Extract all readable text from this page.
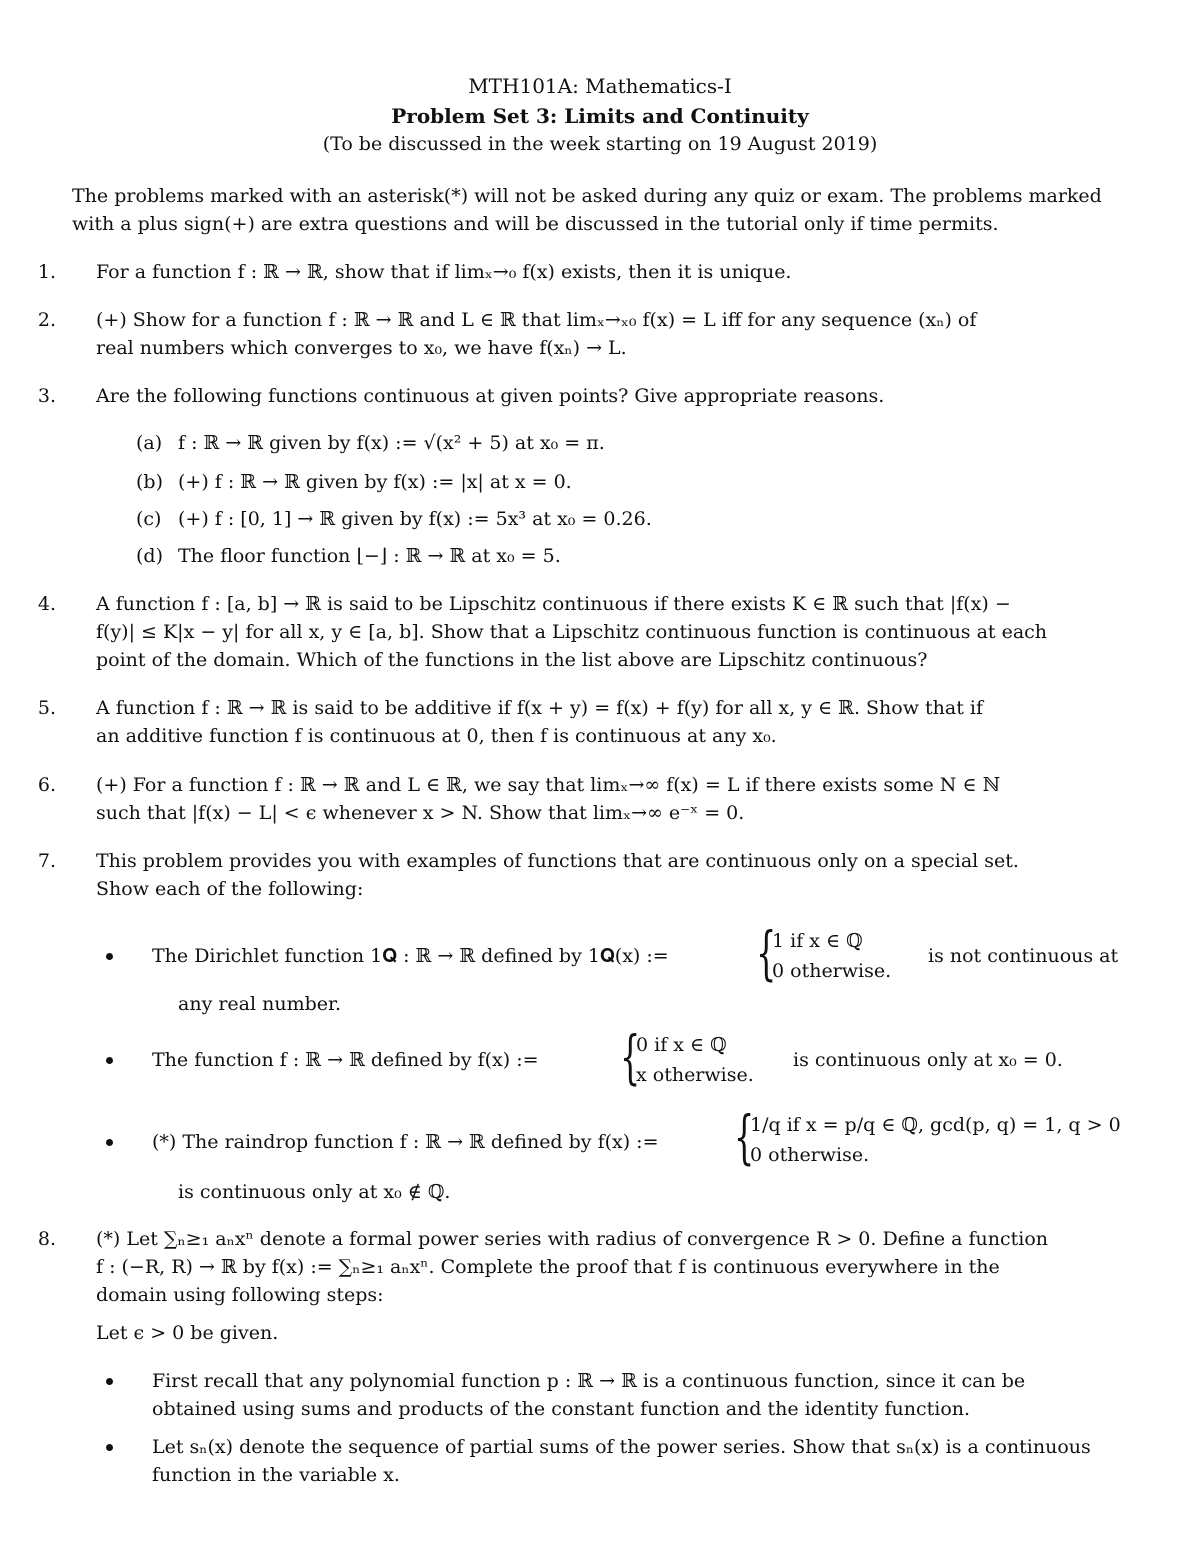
MTH101A: Mathematics-I
Problem Set 3: Limits and Continuity
(To be discussed in the week starting on 19 August 2019)
The problems marked with an asterisk(*) will not be asked during any quiz or exam. The problems marked
with a plus sign(+) are extra questions and will be discussed in the tutorial only if time permits.
1. For a function f : ℝ → ℝ, show that if limₓ→₀ f(x) exists, then it is unique.
2. (+) Show for a function f : ℝ → ℝ and L ∈ ℝ that limₓ→ₓ₀ f(x) = L iff for any sequence (xₙ) of
real numbers which converges to x₀, we have f(xₙ) → L.
3. Are the following functions continuous at given points? Give appropriate reasons.
(a) f : ℝ → ℝ given by f(x) := √(x² + 5) at x₀ = π.
(b) (+) f : ℝ → ℝ given by f(x) := |x| at x = 0.
(c) (+) f : [0, 1] → ℝ given by f(x) := 5x³ at x₀ = 0.26.
(d) The floor function ⌊−⌋ : ℝ → ℝ at x₀ = 5.
4. A function f : [a, b] → ℝ is said to be Lipschitz continuous if there exists K ∈ ℝ such that |f(x) −
f(y)| ≤ K|x − y| for all x, y ∈ [a, b]. Show that a Lipschitz continuous function is continuous at each
point of the domain. Which of the functions in the list above are Lipschitz continuous?
5. A function f : ℝ → ℝ is said to be additive if f(x + y) = f(x) + f(y) for all x, y ∈ ℝ. Show that if
an additive function f is continuous at 0, then f is continuous at any x₀.
6. (+) For a function f : ℝ → ℝ and L ∈ ℝ, we say that limₓ→∞ f(x) = L if there exists some N ∈ ℕ
such that |f(x) − L| < ϵ whenever x > N. Show that limₓ→∞ e⁻ˣ = 0.
7. This problem provides you with examples of functions that are continuous only on a special set.
Show each of the following:
The Dirichlet function 1𝐐 : ℝ → ℝ defined by 1𝐐(x) :=	{
1 if x ∈ ℚ
0 otherwise.
is not continuous at
any real number.
The function f : ℝ → ℝ defined by f(x) :=	{
0 if x ∈ ℚ
x otherwise.
is continuous only at x₀ = 0.
(*) The raindrop function f : ℝ → ℝ defined by f(x) :=	{
1/q if x = p/q ∈ ℚ, gcd(p, q) = 1, q > 0
0 otherwise.
is continuous only at x₀ ∉ ℚ.
8. (*) Let ∑ₙ≥₁ aₙxⁿ denote a formal power series with radius of convergence R > 0. Define a function
f : (−R, R) → ℝ by f(x) := ∑ₙ≥₁ aₙxⁿ. Complete the proof that f is continuous everywhere in the
domain using following steps:
Let ϵ > 0 be given.
First recall that any polynomial function p : ℝ → ℝ is a continuous function, since it can be
obtained using sums and products of the constant function and the identity function.
Let sₙ(x) denote the sequence of partial sums of the power series. Show that sₙ(x) is a continuous
function in the variable x.
